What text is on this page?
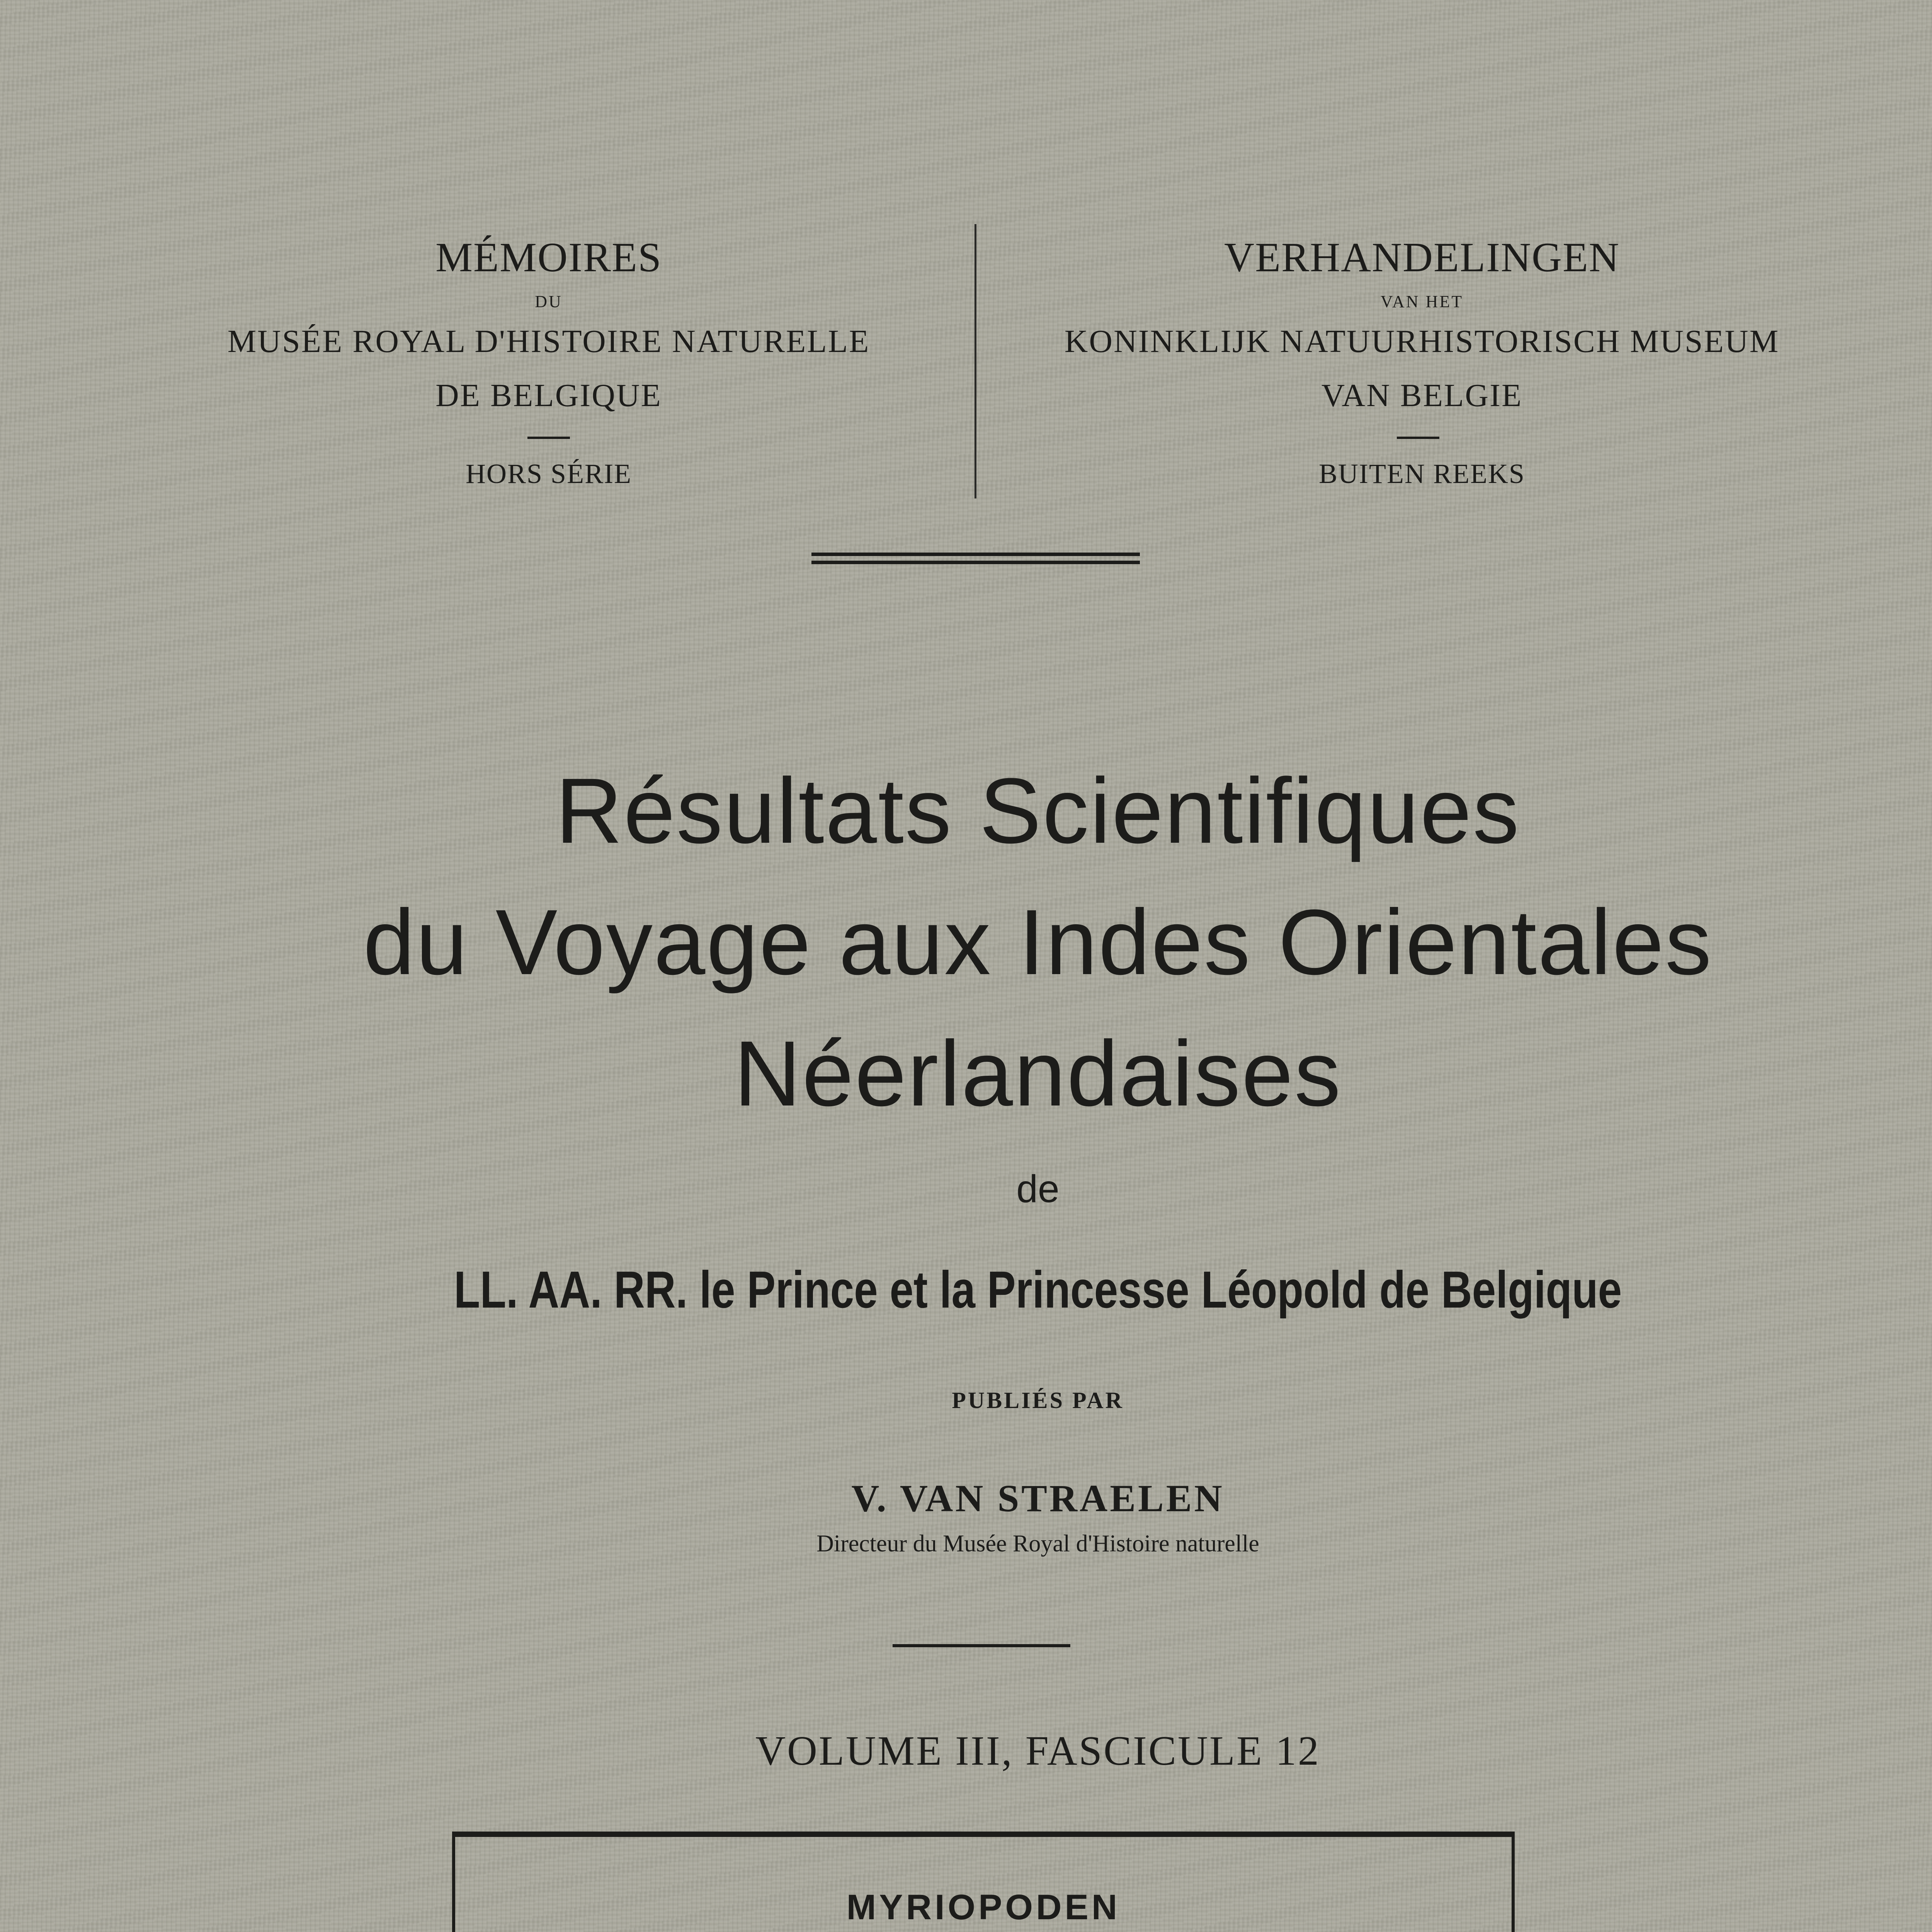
MÉMOIRES
DU
MUSÉE ROYAL D'HISTOIRE NATURELLE
DE BELGIQUE
HORS SÉRIE
VERHANDELINGEN
VAN HET
KONINKLIJK NATUURHISTORISCH MUSEUM
VAN BELGIE
BUITEN REEKS
Résultats Scientifiques
du Voyage aux Indes Orientales
Néerlandaises
de
LL. AA. RR. le Prince et la Princesse Léopold de Belgique
PUBLIÉS PAR
V. VAN STRAELEN
Directeur du Musée Royal d'Histoire naturelle
VOLUME III, FASCICULE 12
MYRIOPODEN
